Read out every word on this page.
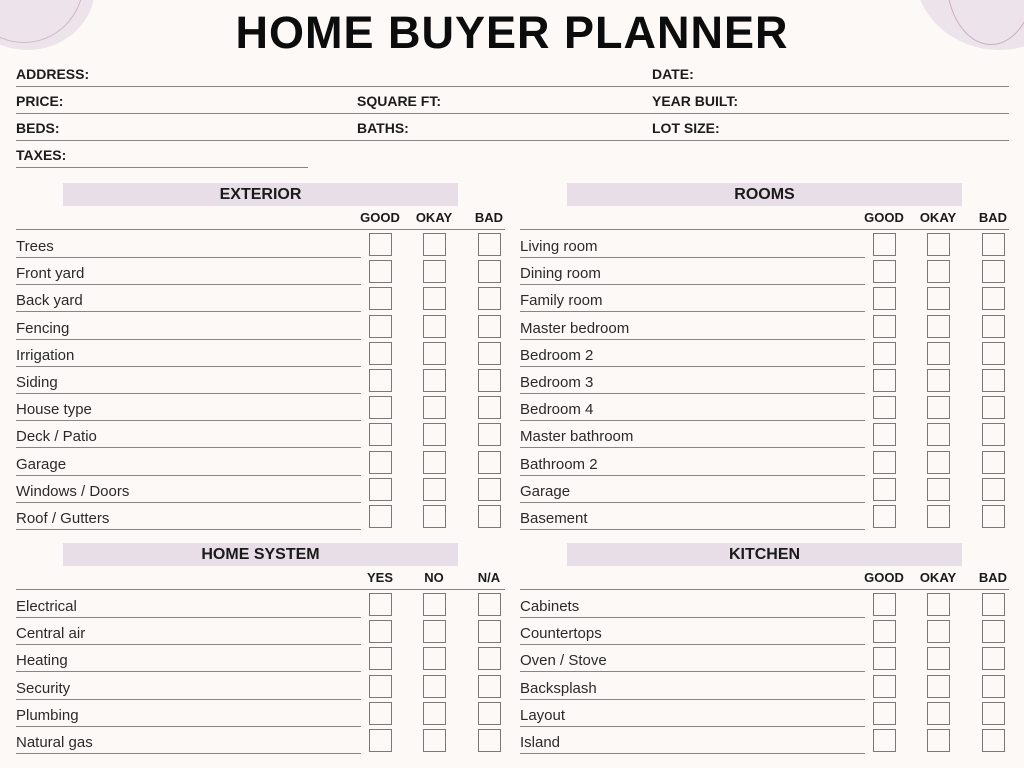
HOME BUYER PLANNER
ADDRESS:	DATE:
PRICE:	SQUARE FT:	YEAR BUILT:
BEDS:	BATHS:	LOT SIZE:
TAXES:
EXTERIOR
GOOD	OKAY	BAD
Trees
Front yard
Back yard
Fencing
Irrigation
Siding
House type
Deck / Patio
Garage
Windows / Doors
Roof / Gutters
ROOMS
GOOD	OKAY	BAD
Living room
Dining room
Family room
Master bedroom
Bedroom 2
Bedroom 3
Bedroom 4
Master bathroom
Bathroom 2
Garage
Basement
HOME SYSTEM
YES	NO	N/A
Electrical
Central air
Heating
Security
Plumbing
Natural gas
KITCHEN
GOOD	OKAY	BAD
Cabinets
Countertops
Oven / Stove
Backsplash
Layout
Island
